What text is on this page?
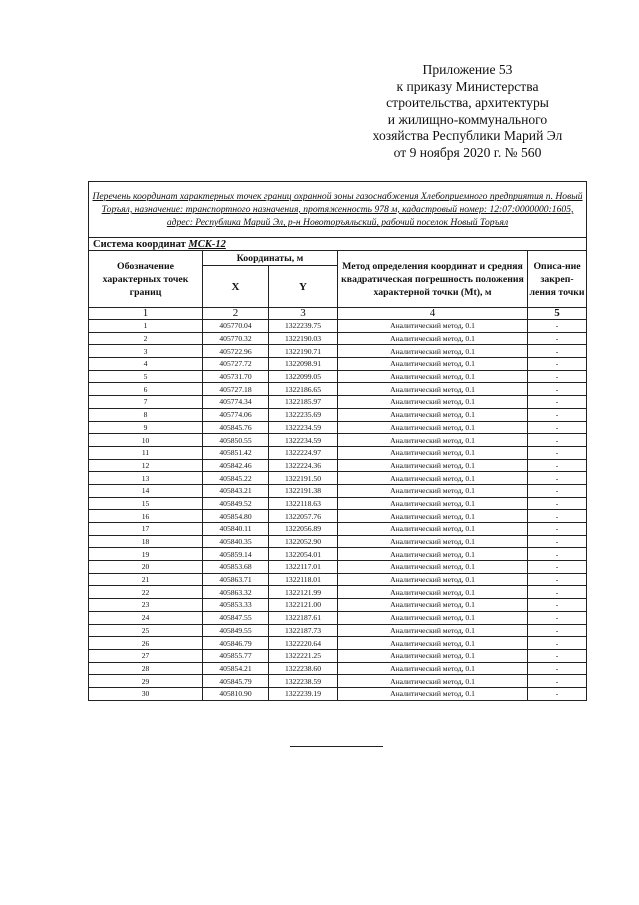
Приложение 53
к приказу Министерства
строительства, архитектуры
и жилищно-коммунального
хозяйства Республики Марий Эл
от 9 ноября 2020 г. № 560
Перечень координат характерных точек границ охранной зоны газоснабжения Хлебоприемного предприятия п. Новый Торъял, назначение: транспортного назначения, протяженность 978 м, кадастровый номер: 12:07:0000000:1605, адрес: Республика Марий Эл, р-н Новоторъяльский, рабочий поселок Новый Торъял				
Система координат МСК-12				
Обозначение характерных точек границ	Координаты, м		Метод определения координат и средняя квадратическая погрешность положения характерной точки (Mt), м	Описа-ние закреп-ления точки
	X	Y		
1	2	3	4	5
1	405770.04	1322239.75	Аналитический метод, 0.1	-
2	405770.32	1322190.03	Аналитический метод, 0.1	-
3	405722.96	1322190.71	Аналитический метод, 0.1	-
4	405727.72	1322098.91	Аналитический метод, 0.1	-
5	405731.70	1322099.05	Аналитический метод, 0.1	-
6	405727.18	1322186.65	Аналитический метод, 0.1	-
7	405774.34	1322185.97	Аналитический метод, 0.1	-
8	405774.06	1322235.69	Аналитический метод, 0.1	-
9	405845.76	1322234.59	Аналитический метод, 0.1	-
10	405850.55	1322234.59	Аналитический метод, 0.1	-
11	405851.42	1322224.97	Аналитический метод, 0.1	-
12	405842.46	1322224.36	Аналитический метод, 0.1	-
13	405845.22	1322191.50	Аналитический метод, 0.1	-
14	405843.21	1322191.38	Аналитический метод, 0.1	-
15	405849.52	1322118.63	Аналитический метод, 0.1	-
16	405854.80	1322057.76	Аналитический метод, 0.1	-
17	405840.11	1322056.89	Аналитический метод, 0.1	-
18	405840.35	1322052.90	Аналитический метод, 0.1	-
19	405859.14	1322054.01	Аналитический метод, 0.1	-
20	405853.68	1322117.01	Аналитический метод, 0.1	-
21	405863.71	1322118.01	Аналитический метод, 0.1	-
22	405863.32	1322121.99	Аналитический метод, 0.1	-
23	405853.33	1322121.00	Аналитический метод, 0.1	-
24	405847.55	1322187.61	Аналитический метод, 0.1	-
25	405849.55	1322187.73	Аналитический метод, 0.1	-
26	405846.79	1322220.64	Аналитический метод, 0.1	-
27	405855.77	1322221.25	Аналитический метод, 0.1	-
28	405854.21	1322238.60	Аналитический метод, 0.1	-
29	405845.79	1322238.59	Аналитический метод, 0.1	-
30	405810.90	1322239.19	Аналитический метод, 0.1	-
